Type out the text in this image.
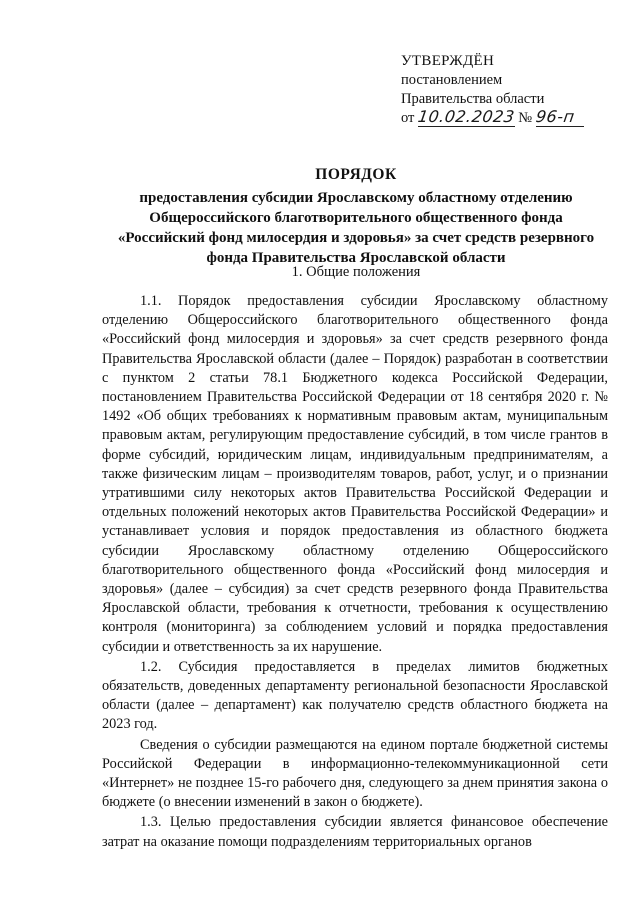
УТВЕРЖДЁН
постановлением
Правительства области
от 10.02.2023 № 96-п
ПОРЯДОК
предоставления субсидии Ярославскому областному отделению
Общероссийского благотворительного общественного фонда
«Российский фонд милосердия и здоровья» за счет средств резервного
фонда Правительства Ярославской области
1. Общие положения

1.1. Порядок предоставления субсидии Ярославскому областному отделению Общероссийского благотворительного общественного фонда «Российский фонд милосердия и здоровья» за счет средств резервного фонда Правительства Ярославской области (далее – Порядок) разработан в соответствии с пунктом 2 статьи 78.1 Бюджетного кодекса Российской Федерации, постановлением Правительства Российской Федерации от 18 сентября 2020 г. № 1492 «Об общих требованиях к нормативным правовым актам, муниципальным правовым актам, регулирующим предоставление субсидий, в том числе грантов в форме субсидий, юридическим лицам, индивидуальным предпринимателям, а также физическим лицам – производителям товаров, работ, услуг, и о признании утратившими силу некоторых актов Правительства Российской Федерации и отдельных положений некоторых актов Правительства Российской Федерации» и устанавливает условия и порядок предоставления из областного бюджета субсидии Ярославскому областному отделению Общероссийского благотворительного общественного фонда «Российский фонд милосердия и здоровья» (далее – субсидия) за счет средств резервного фонда Правительства Ярославской области, требования к отчетности, требования к осуществлению контроля (мониторинга) за соблюдением условий и порядка предоставления субсидии и ответственность за их нарушение.

1.2. Субсидия предоставляется в пределах лимитов бюджетных обязательств, доведенных департаменту региональной безопасности Ярославской области (далее – департамент) как получателю средств областного бюджета на 2023 год.

Сведения о субсидии размещаются на едином портале бюджетной системы Российской Федерации в информационно-телекоммуникационной сети «Интернет» не позднее 15-го рабочего дня, следующего за днем принятия закона о бюджете (о внесении изменений в закон о бюджете).

1.3. Целью предоставления субсидии является финансовое обеспечение затрат на оказание помощи подразделениям территориальных органов
